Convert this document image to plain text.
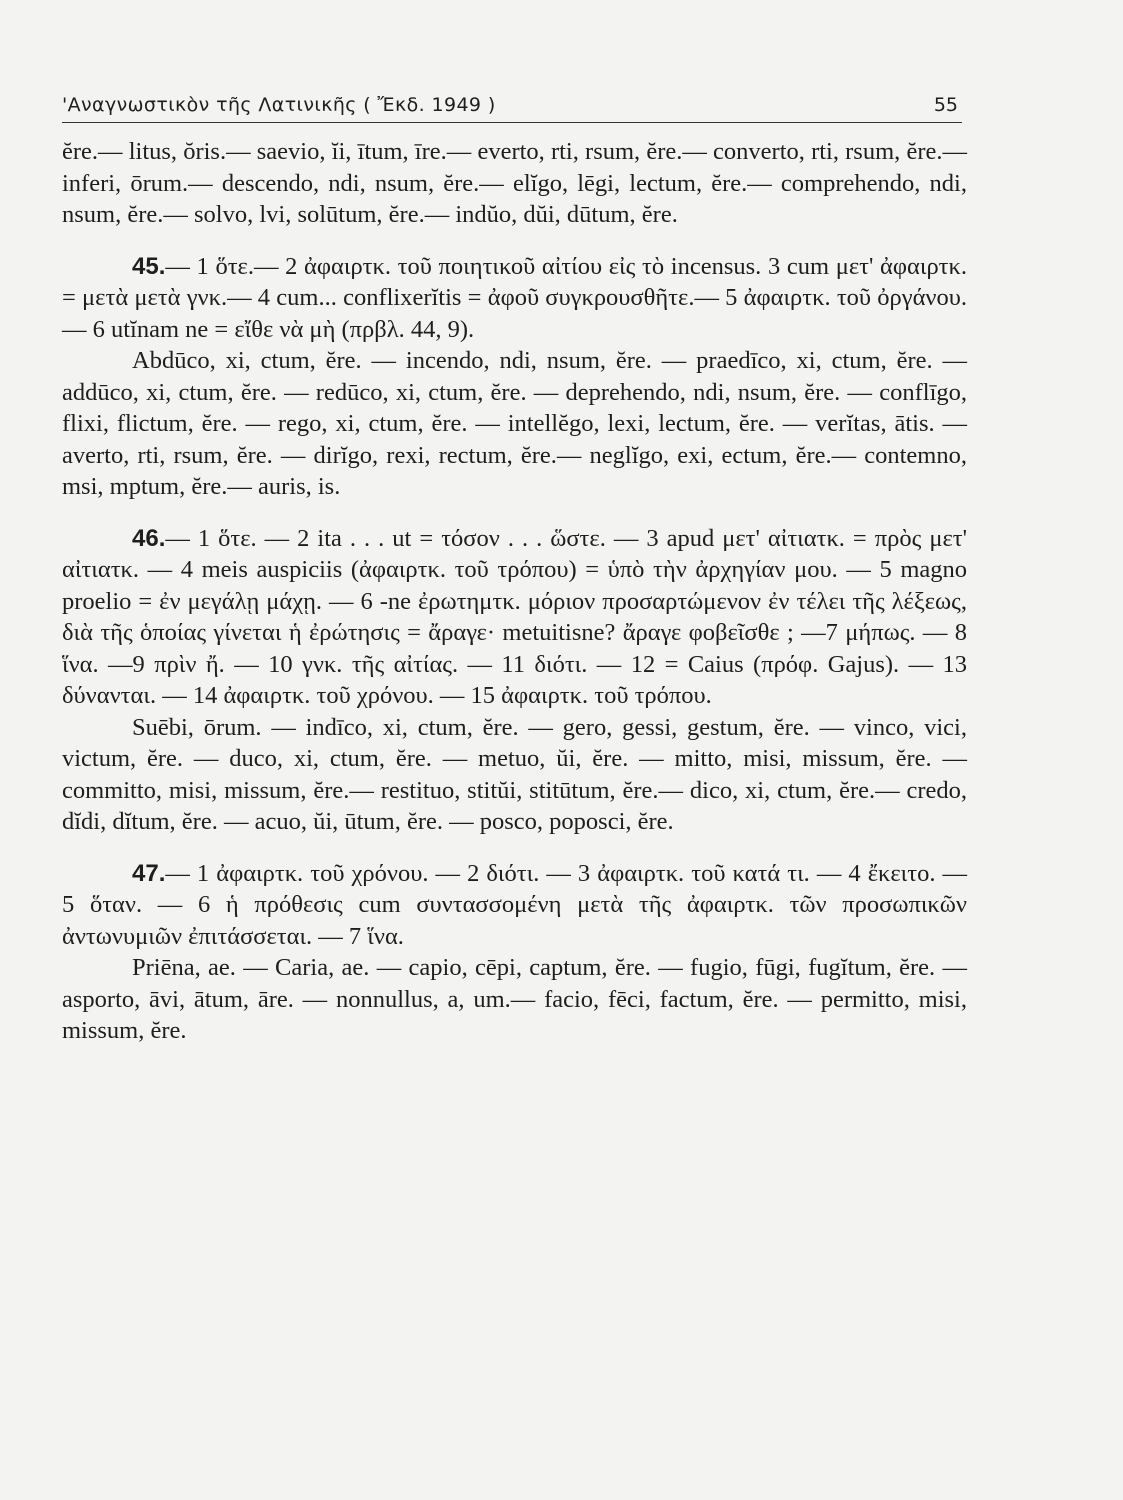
'Αναγνωστικὸν τῆς Λατινικῆς ( Ἔκδ. 1949 )	55

ĕre.— litus, ŏris.— saevio, ĭi, ītum, īre.— everto, rti, rsum, ĕre.— converto, rti, rsum, ĕre.— inferi, ōrum.— descendo, ndi, nsum, ĕre.— elĭgo, lēgi, lectum, ĕre.— comprehendo, ndi, nsum, ĕre.— solvo, lvi, solūtum, ĕre.— indŭo, dŭi, dūtum, ĕre.

45.— 1 ὅτε.— 2 ἀφαιρτκ. τοῦ ποιητικοῦ αἰτίου εἰς τὸ incensus. 3 cum μετ' ἀφαιρτκ. = μετὰ μετὰ γνκ.— 4 cum... conflixerĭtis = ἀφοῦ συγκρουσθῆτε.— 5 ἀφαιρτκ. τοῦ ὀργάνου.— 6 utĭnam ne = εἴθε νὰ μὴ (πρβλ. 44, 9).

Abdūco, xi, ctum, ĕre. — incendo, ndi, nsum, ĕre. — praedīco, xi, ctum, ĕre. — addūco, xi, ctum, ĕre. — redūco, xi, ctum, ĕre. — deprehendo, ndi, nsum, ĕre. — conflīgo, flixi, flictum, ĕre. — rego, xi, ctum, ĕre. — intellĕgo, lexi, lectum, ĕre. — verĭtas, ātis. — averto, rti, rsum, ĕre. — dirĭgo, rexi, rectum, ĕre.— neglĭgo, exi, ectum, ĕre.— contemno, msi, mptum, ĕre.— auris, is.

46.— 1 ὅτε. — 2 ita . . . ut = τόσον . . . ὥστε. — 3 apud μετ' αἰτιατκ. = πρὸς μετ' αἰτιατκ. — 4 meis auspiciis (ἀφαιρτκ. τοῦ τρόπου) = ὑπὸ τὴν ἀρχηγίαν μου. — 5 magno proelio = ἐν μεγάλῃ μάχῃ. — 6 -ne ἐρωτημτκ. μόριον προσαρτώμενον ἐν τέλει τῆς λέξεως, διὰ τῆς ὁποίας γίνεται ἡ ἐρώτησις = ἄραγε· metuitisne? ἄραγε φοβεῖσθε ; —7 μήπως. — 8 ἵνα. —9 πρὶν ἤ. — 10 γνκ. τῆς αἰτίας. — 11 διότι. — 12 = Caius (πρόφ. Gajus). — 13 δύνανται. — 14 ἀφαιρτκ. τοῦ χρόνου. — 15 ἀφαιρτκ. τοῦ τρόπου.

Suēbi, ōrum. — indīco, xi, ctum, ĕre. — gero, gessi, gestum, ĕre. — vinco, vici, victum, ĕre. — duco, xi, ctum, ĕre. — metuo, ŭi, ĕre. — mitto, misi, missum, ĕre. — committo, misi, missum, ĕre.— restituo, stitŭi, stitūtum, ĕre.— dico, xi, ctum, ĕre.— credo, dĭdi, dĭtum, ĕre. — acuo, ŭi, ūtum, ĕre. — posco, poposci, ĕre.

47.— 1 ἀφαιρτκ. τοῦ χρόνου. — 2 διότι. — 3 ἀφαιρτκ. τοῦ κατά τι. — 4 ἔκειτο. — 5 ὅταν. — 6 ἡ πρόθεσις cum συντασσομένη μετὰ τῆς ἀφαιρτκ. τῶν προσωπικῶν ἀντωνυμιῶν ἐπιτάσσεται. — 7 ἵνα.

Priēna, ae. — Caria, ae. — capio, cēpi, captum, ĕre. — fugio, fūgi, fugĭtum, ĕre. — asporto, āvi, ātum, āre. — nonnullus, a, um.— facio, fēci, factum, ĕre. — permitto, misi, missum, ĕre.
